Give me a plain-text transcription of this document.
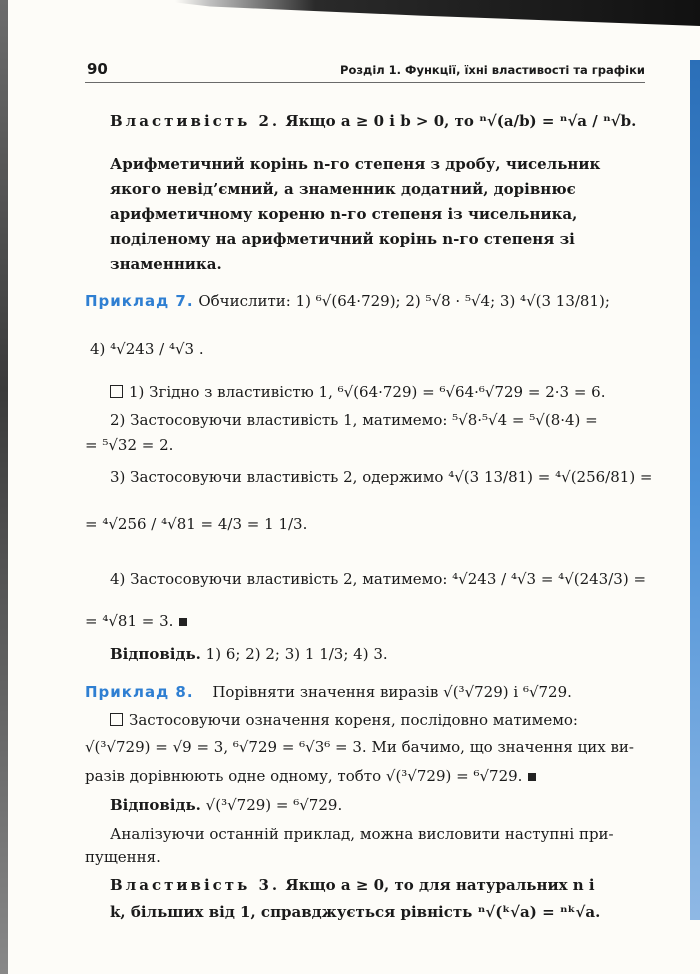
90	Розділ 1. Функції, їхні властивості та графіки
Властивість 2. Якщо a ≥ 0 і b > 0, то ⁿ√(a/b) = ⁿ√a / ⁿ√b.
Арифметичний корінь n-го степеня з дробу, чисельник
якого невід’ємний, а знаменник додатний, дорівнює
арифметичному кореню n-го степеня із чисельника,
поділеному на арифметичний корінь n-го степеня зі
знаменника.
Приклад 7. Обчислити: 1) ⁶√(64·729); 2) ⁵√8 · ⁵√4; 3) ⁴√(3 13/81);
4) ⁴√243 / ⁴√3 .
1) Згідно з властивістю 1, ⁶√(64·729) = ⁶√64·⁶√729 = 2·3 = 6.
2) Застосовуючи властивість 1, матимемо: ⁵√8·⁵√4 = ⁵√(8·4) =
= ⁵√32 = 2.
3) Застосовуючи властивість 2, одержимо ⁴√(3 13/81) = ⁴√(256/81) =
= ⁴√256 / ⁴√81 = 4/3 = 1 1/3.
4) Застосовуючи властивість 2, матимемо: ⁴√243 / ⁴√3 = ⁴√(243/3) =
= ⁴√81 = 3.
Відповідь. 1) 6; 2) 2; 3) 1 1/3; 4) 3.
Приклад 8. Порівняти значення виразів √(³√729) і ⁶√729.
Застосовуючи означення кореня, послідовно матимемо:
√(³√729) = √9 = 3, ⁶√729 = ⁶√3⁶ = 3. Ми бачимо, що значення цих ви-
разів дорівнюють одне одному, тобто √(³√729) = ⁶√729.
Відповідь. √(³√729) = ⁶√729.
Аналізуючи останній приклад, можна висловити наступні при-
пущення.
Властивість 3. Якщо a ≥ 0, то для натуральних n і
k, більших від 1, справджується рівність ⁿ√(ᵏ√a) = ⁿᵏ√a.
